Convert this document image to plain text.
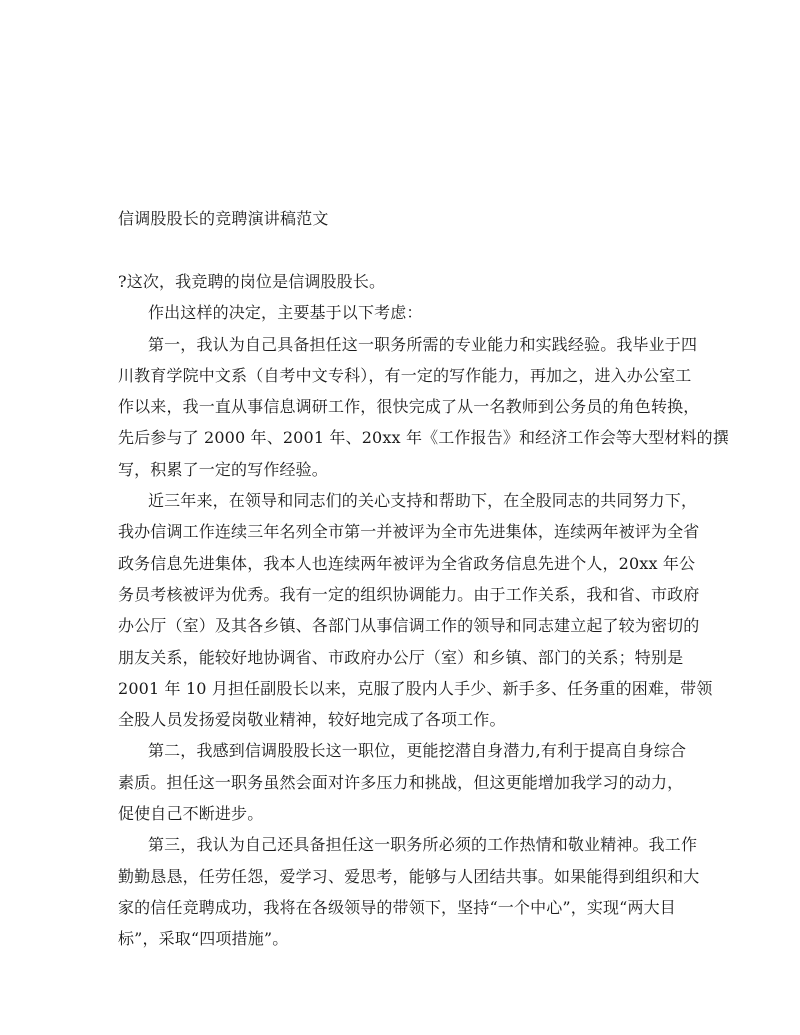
信调股股长的竞聘演讲稿范文
?这次，我竞聘的岗位是信调股股长。
作出这样的决定，主要基于以下考虑：
第一，我认为自己具备担任这一职务所需的专业能力和实践经验。我毕业于四
川教育学院中文系（自考中文专科），有一定的写作能力，再加之，进入办公室工
作以来，我一直从事信息调研工作，很快完成了从一名教师到公务员的角色转换，
先后参与了 2000 年、2001 年、20xx 年《工作报告》和经济工作会等大型材料的撰
写，积累了一定的写作经验。
近三年来，在领导和同志们的关心支持和帮助下，在全股同志的共同努力下，
我办信调工作连续三年名列全市第一并被评为全市先进集体，连续两年被评为全省
政务信息先进集体，我本人也连续两年被评为全省政务信息先进个人，20xx 年公
务员考核被评为优秀。我有一定的组织协调能力。由于工作关系，我和省、市政府
办公厅（室）及其各乡镇、各部门从事信调工作的领导和同志建立起了较为密切的
朋友关系，能较好地协调省、市政府办公厅（室）和乡镇、部门的关系；特别是
2001 年 10 月担任副股长以来，克服了股内人手少、新手多、任务重的困难，带领
全股人员发扬爱岗敬业精神，较好地完成了各项工作。
第二，我感到信调股股长这一职位，更能挖潜自身潜力,有利于提高自身综合
素质。担任这一职务虽然会面对许多压力和挑战，但这更能增加我学习的动力，
促使自己不断进步。
第三，我认为自己还具备担任这一职务所必须的工作热情和敬业精神。我工作
勤勤恳恳，任劳任怨，爱学习、爱思考，能够与人团结共事。如果能得到组织和大
家的信任竞聘成功，我将在各级领导的带领下，坚持“一个中心”，实现“两大目
标”，采取“四项措施”。
